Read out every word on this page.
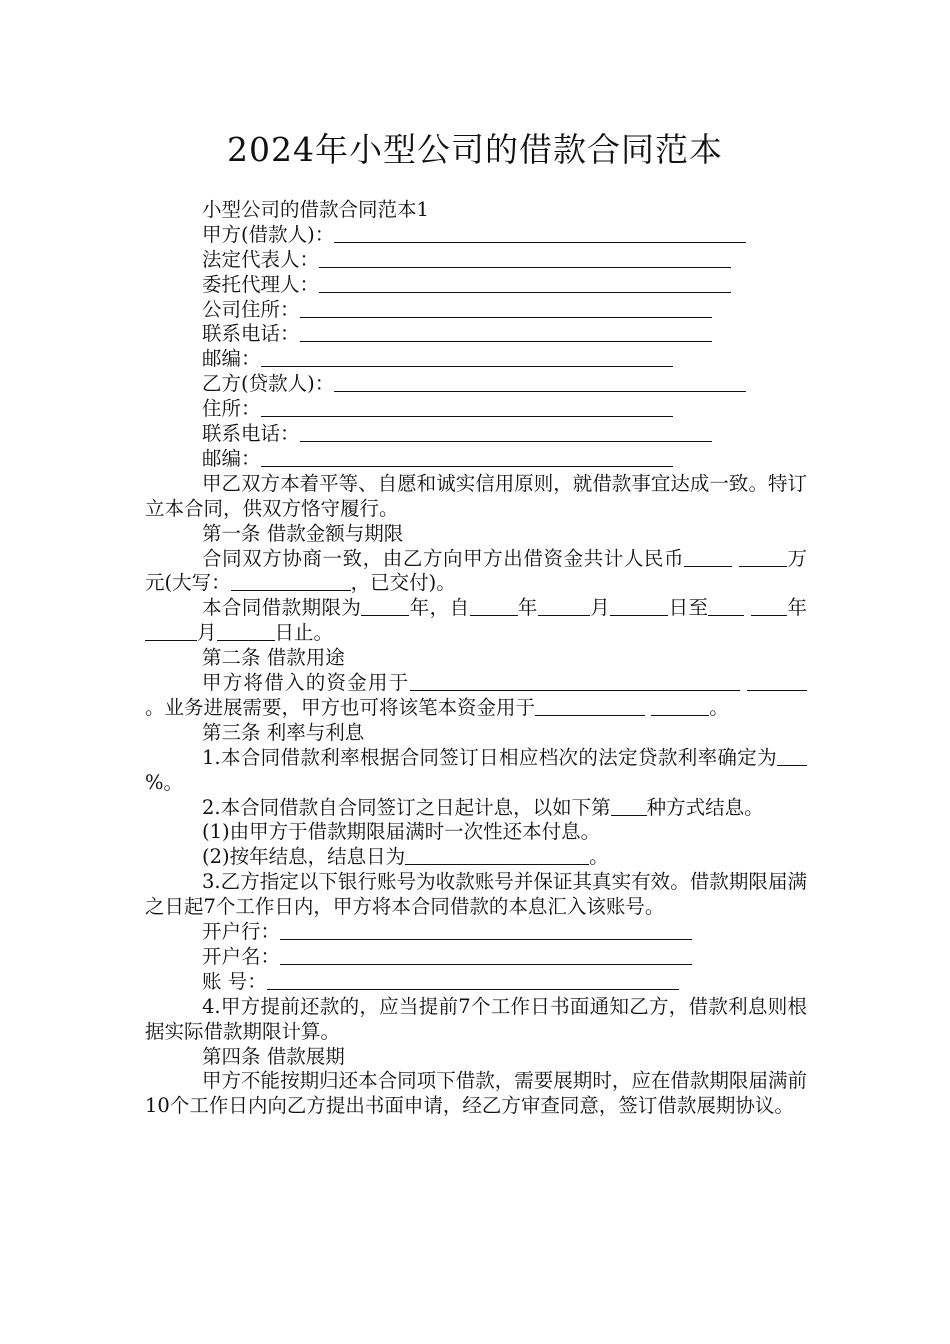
2024年小型公司的借款合同范本
小型公司的借款合同范本1
甲方(借款人)：
法定代表人：
委托代理人：
公司住所：
联系电话：
邮编：
乙方(贷款人)：
住所：
联系电话：
邮编：
甲乙双方本着平等、自愿和诚实信用原则，就借款事宜达成一致。特订立本合同，供双方恪守履行。
第一条 借款金额与期限
合同双方协商一致，由乙方向甲方出借资金共计人民币	万元(大写：	，已交付)。
本合同借款期限为 年，自 年	月	日至	年月	日止。
第二条 借款用途
甲方将借入的资金用于 。业务进展需要，甲方也可将该笔本资金用于	。
第三条 利率与利息
1.本合同借款利率根据合同签订日相应档次的法定贷款利率确定为%。
2.本合同借款自合同签订之日起计息，以如下第 种方式结息。
(1)由甲方于借款期限届满时一次性还本付息。
(2)按年结息，结息日为	。
3.乙方指定以下银行账号为收款账号并保证其真实有效。借款期限届满之日起7个工作日内，甲方将本合同借款的本息汇入该账号。
开户行：
开户名：
账 号：
4.甲方提前还款的，应当提前7个工作日书面通知乙方，借款利息则根据实际借款期限计算。
第四条 借款展期
甲方不能按期归还本合同项下借款，需要展期时，应在借款期限届满前10个工作日内向乙方提出书面申请，经乙方审查同意，签订借款展期协议。
